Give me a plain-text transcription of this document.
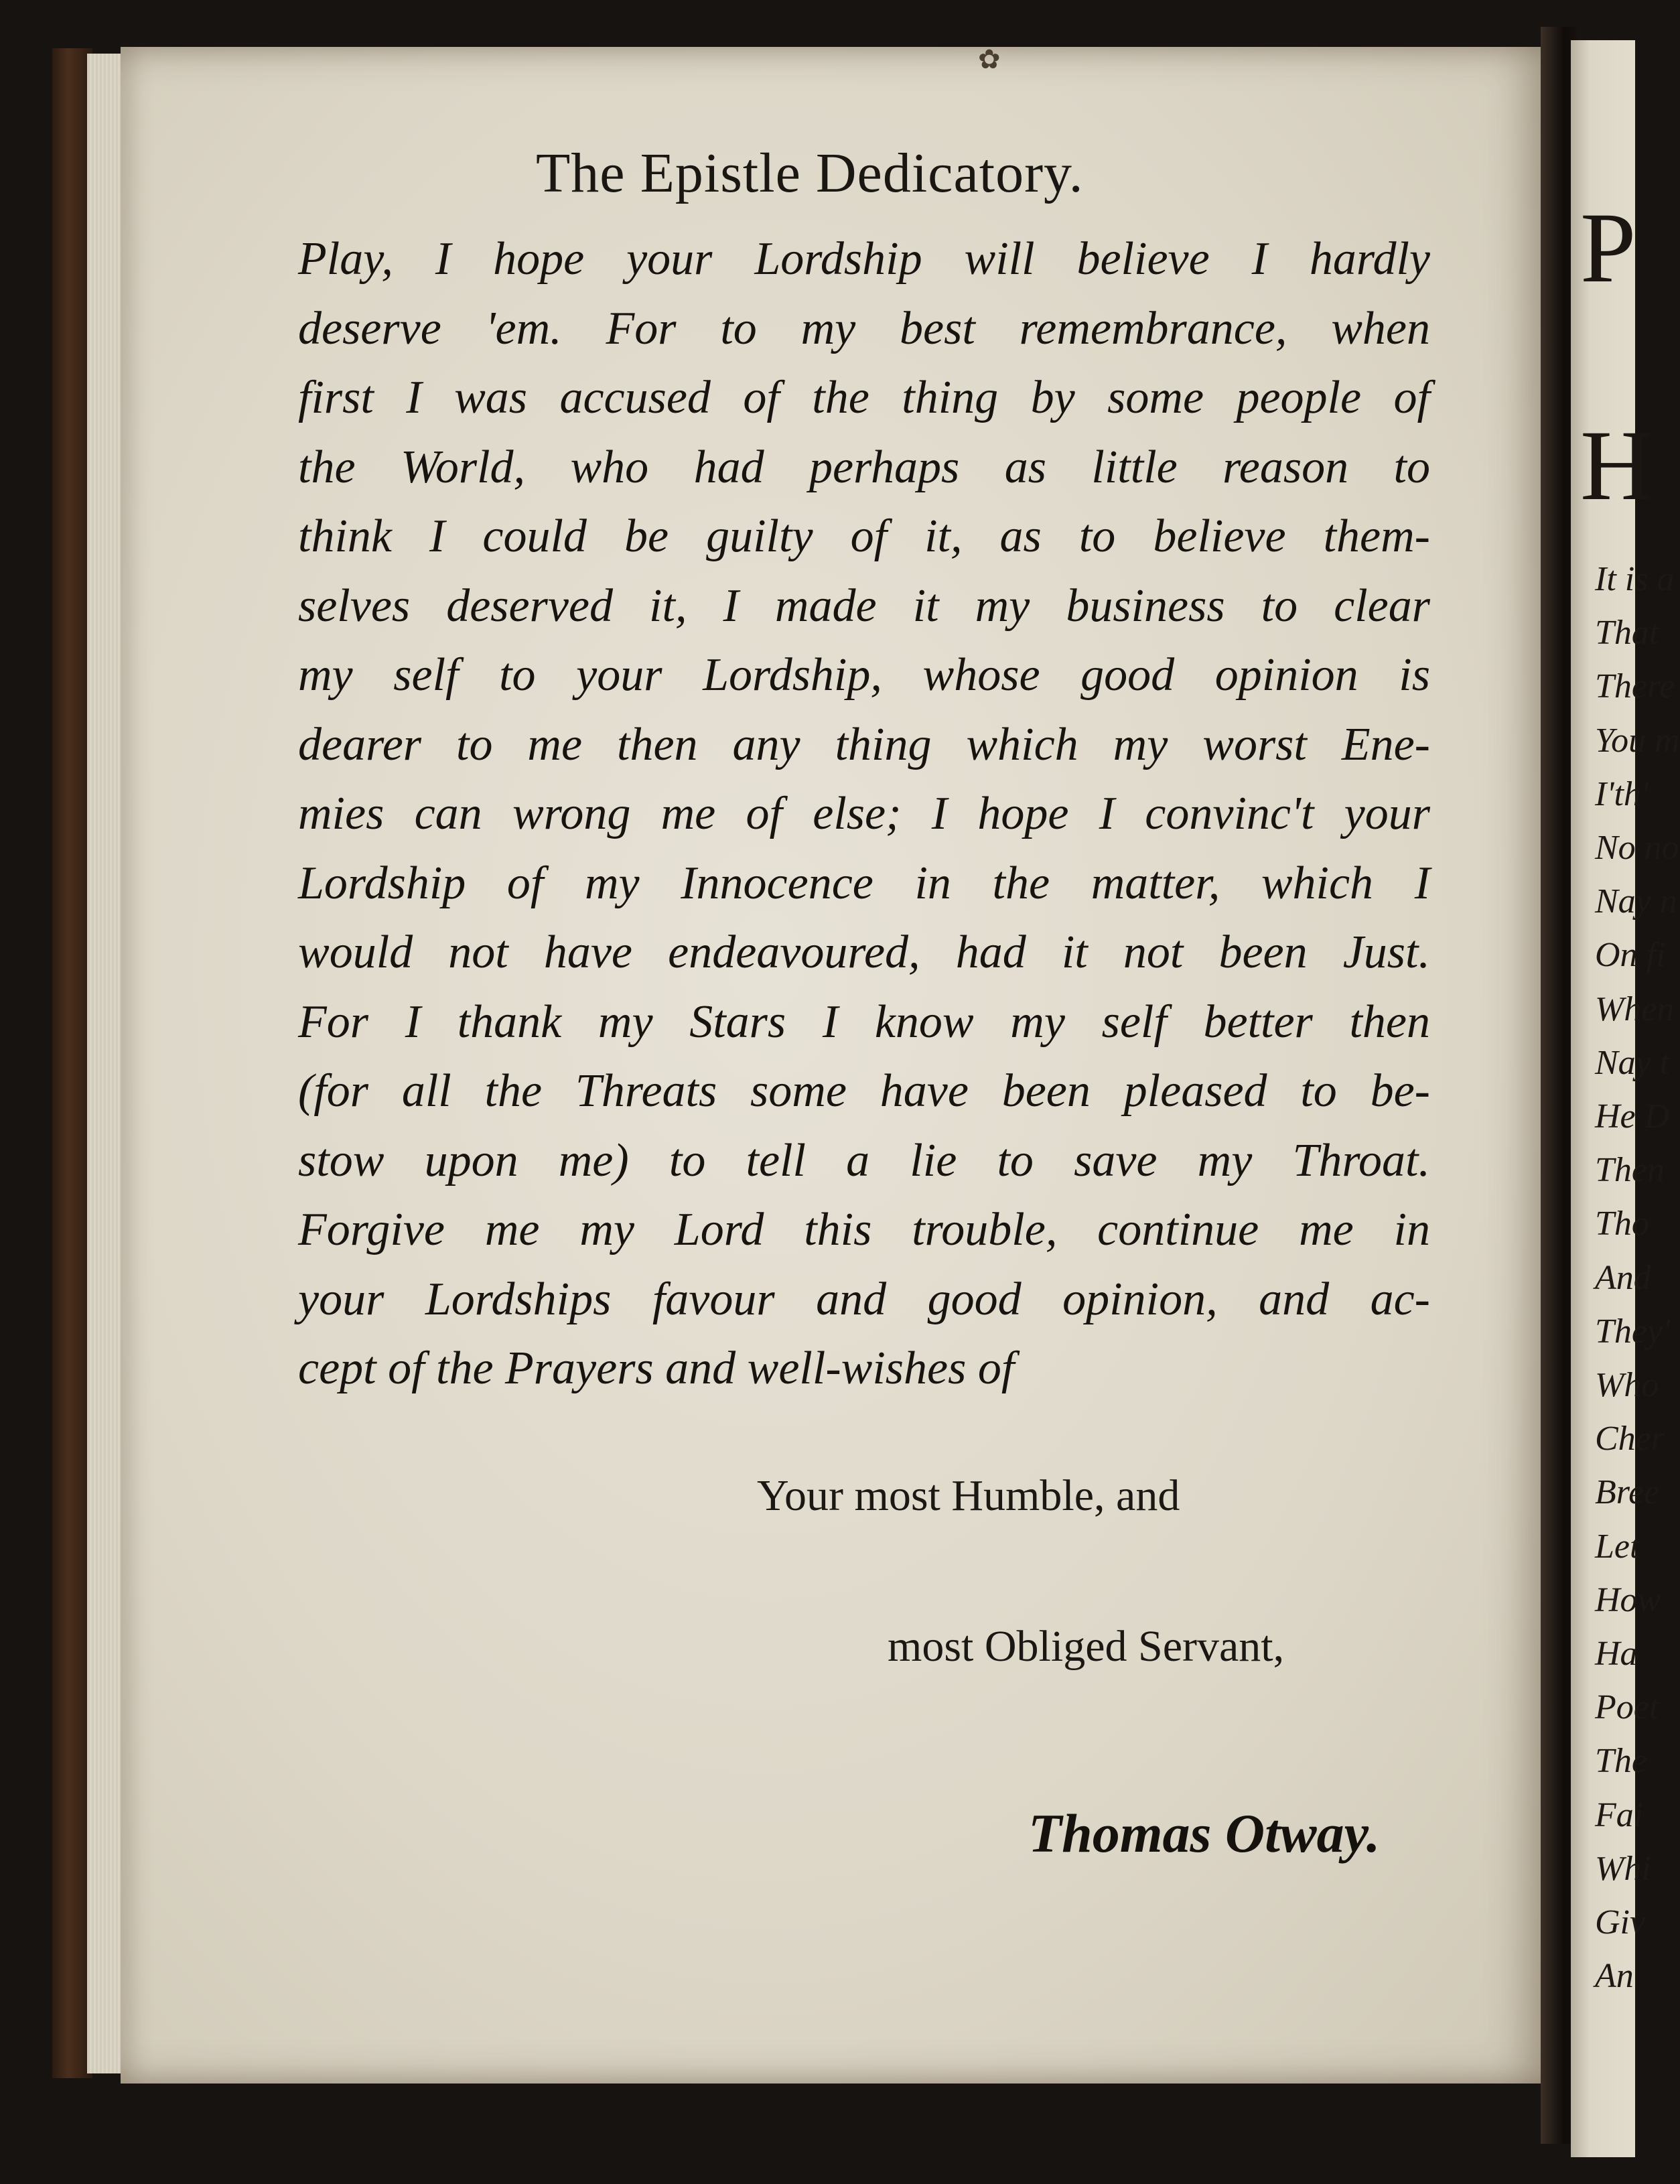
✿
The Epistle Dedicatory.
Play, I hope your Lordship will believe I hardly
deserve 'em. For to my best remembrance, when
first I was accused of the thing by some people of
the World, who had perhaps as little reason to
think I could be guilty of it, as to believe them-
selves deserved it, I made it my business to clear
my self to your Lordship, whose good opinion is
dearer to me then any thing which my worst Ene-
mies can wrong me of else; I hope I convinc't your
Lordship of my Innocence in the matter, which I
would not have endeavoured, had it not been Just.
For I thank my Stars I know my self better then
(for all the Threats some have been pleased to be-
stow upon me) to tell a lie to save my Throat.
Forgive me my Lord this trouble, continue me in
your Lordships favour and good opinion, and ac-
cept of the Prayers and well-wishes of
Your most Humble, and
most Obliged Servant,
Thomas Otway.
P
H
It is a
That
There
You m
I'th'
No no
Nay n
On fi
When
Nay t
He D
Then
Tho
And
They'
Who
Cher
Bree
Let
How
Ha
Poet
The
Fai
Whi
Giv
An
